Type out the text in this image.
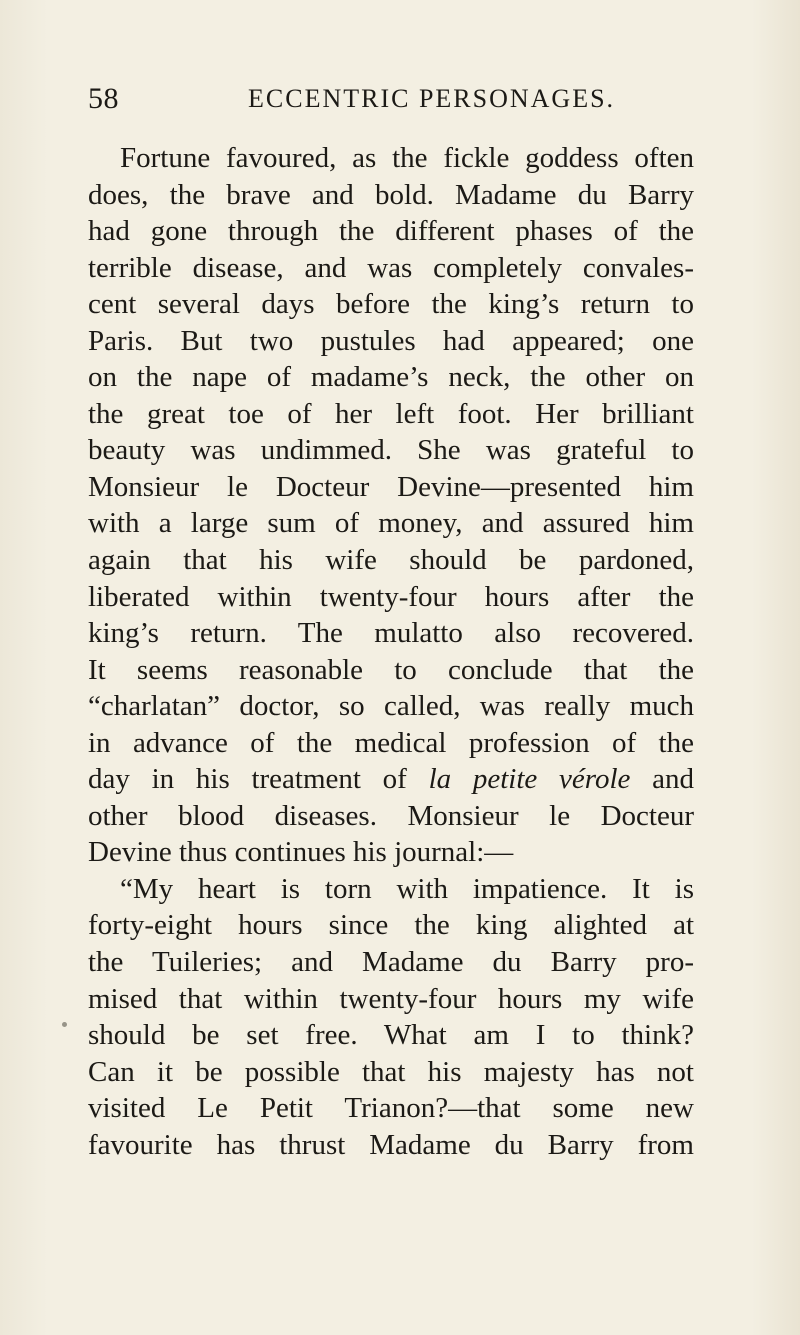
58	ECCENTRIC PERSONAGES.
Fortune favoured, as the fickle goddess often
does, the brave and bold. Madame du Barry
had gone through the different phases of the
terrible disease, and was completely convales-
cent several days before the king’s return to
Paris. But two pustules had appeared; one
on the nape of madame’s neck, the other on
the great toe of her left foot. Her brilliant
beauty was undimmed. She was grateful to
Monsieur le Docteur Devine—presented him
with a large sum of money, and assured him
again that his wife should be pardoned,
liberated within twenty-four hours after the
king’s return. The mulatto also recovered.
It seems reasonable to conclude that the
“charlatan” doctor, so called, was really much
in advance of the medical profession of the
day in his treatment of la petite vérole and
other blood diseases. Monsieur le Docteur
Devine thus continues his journal:—
“My heart is torn with impatience. It is
forty-eight hours since the king alighted at
the Tuileries; and Madame du Barry pro-
mised that within twenty-four hours my wife
should be set free. What am I to think?
Can it be possible that his majesty has not
visited Le Petit Trianon?—that some new
favourite has thrust Madame du Barry from
